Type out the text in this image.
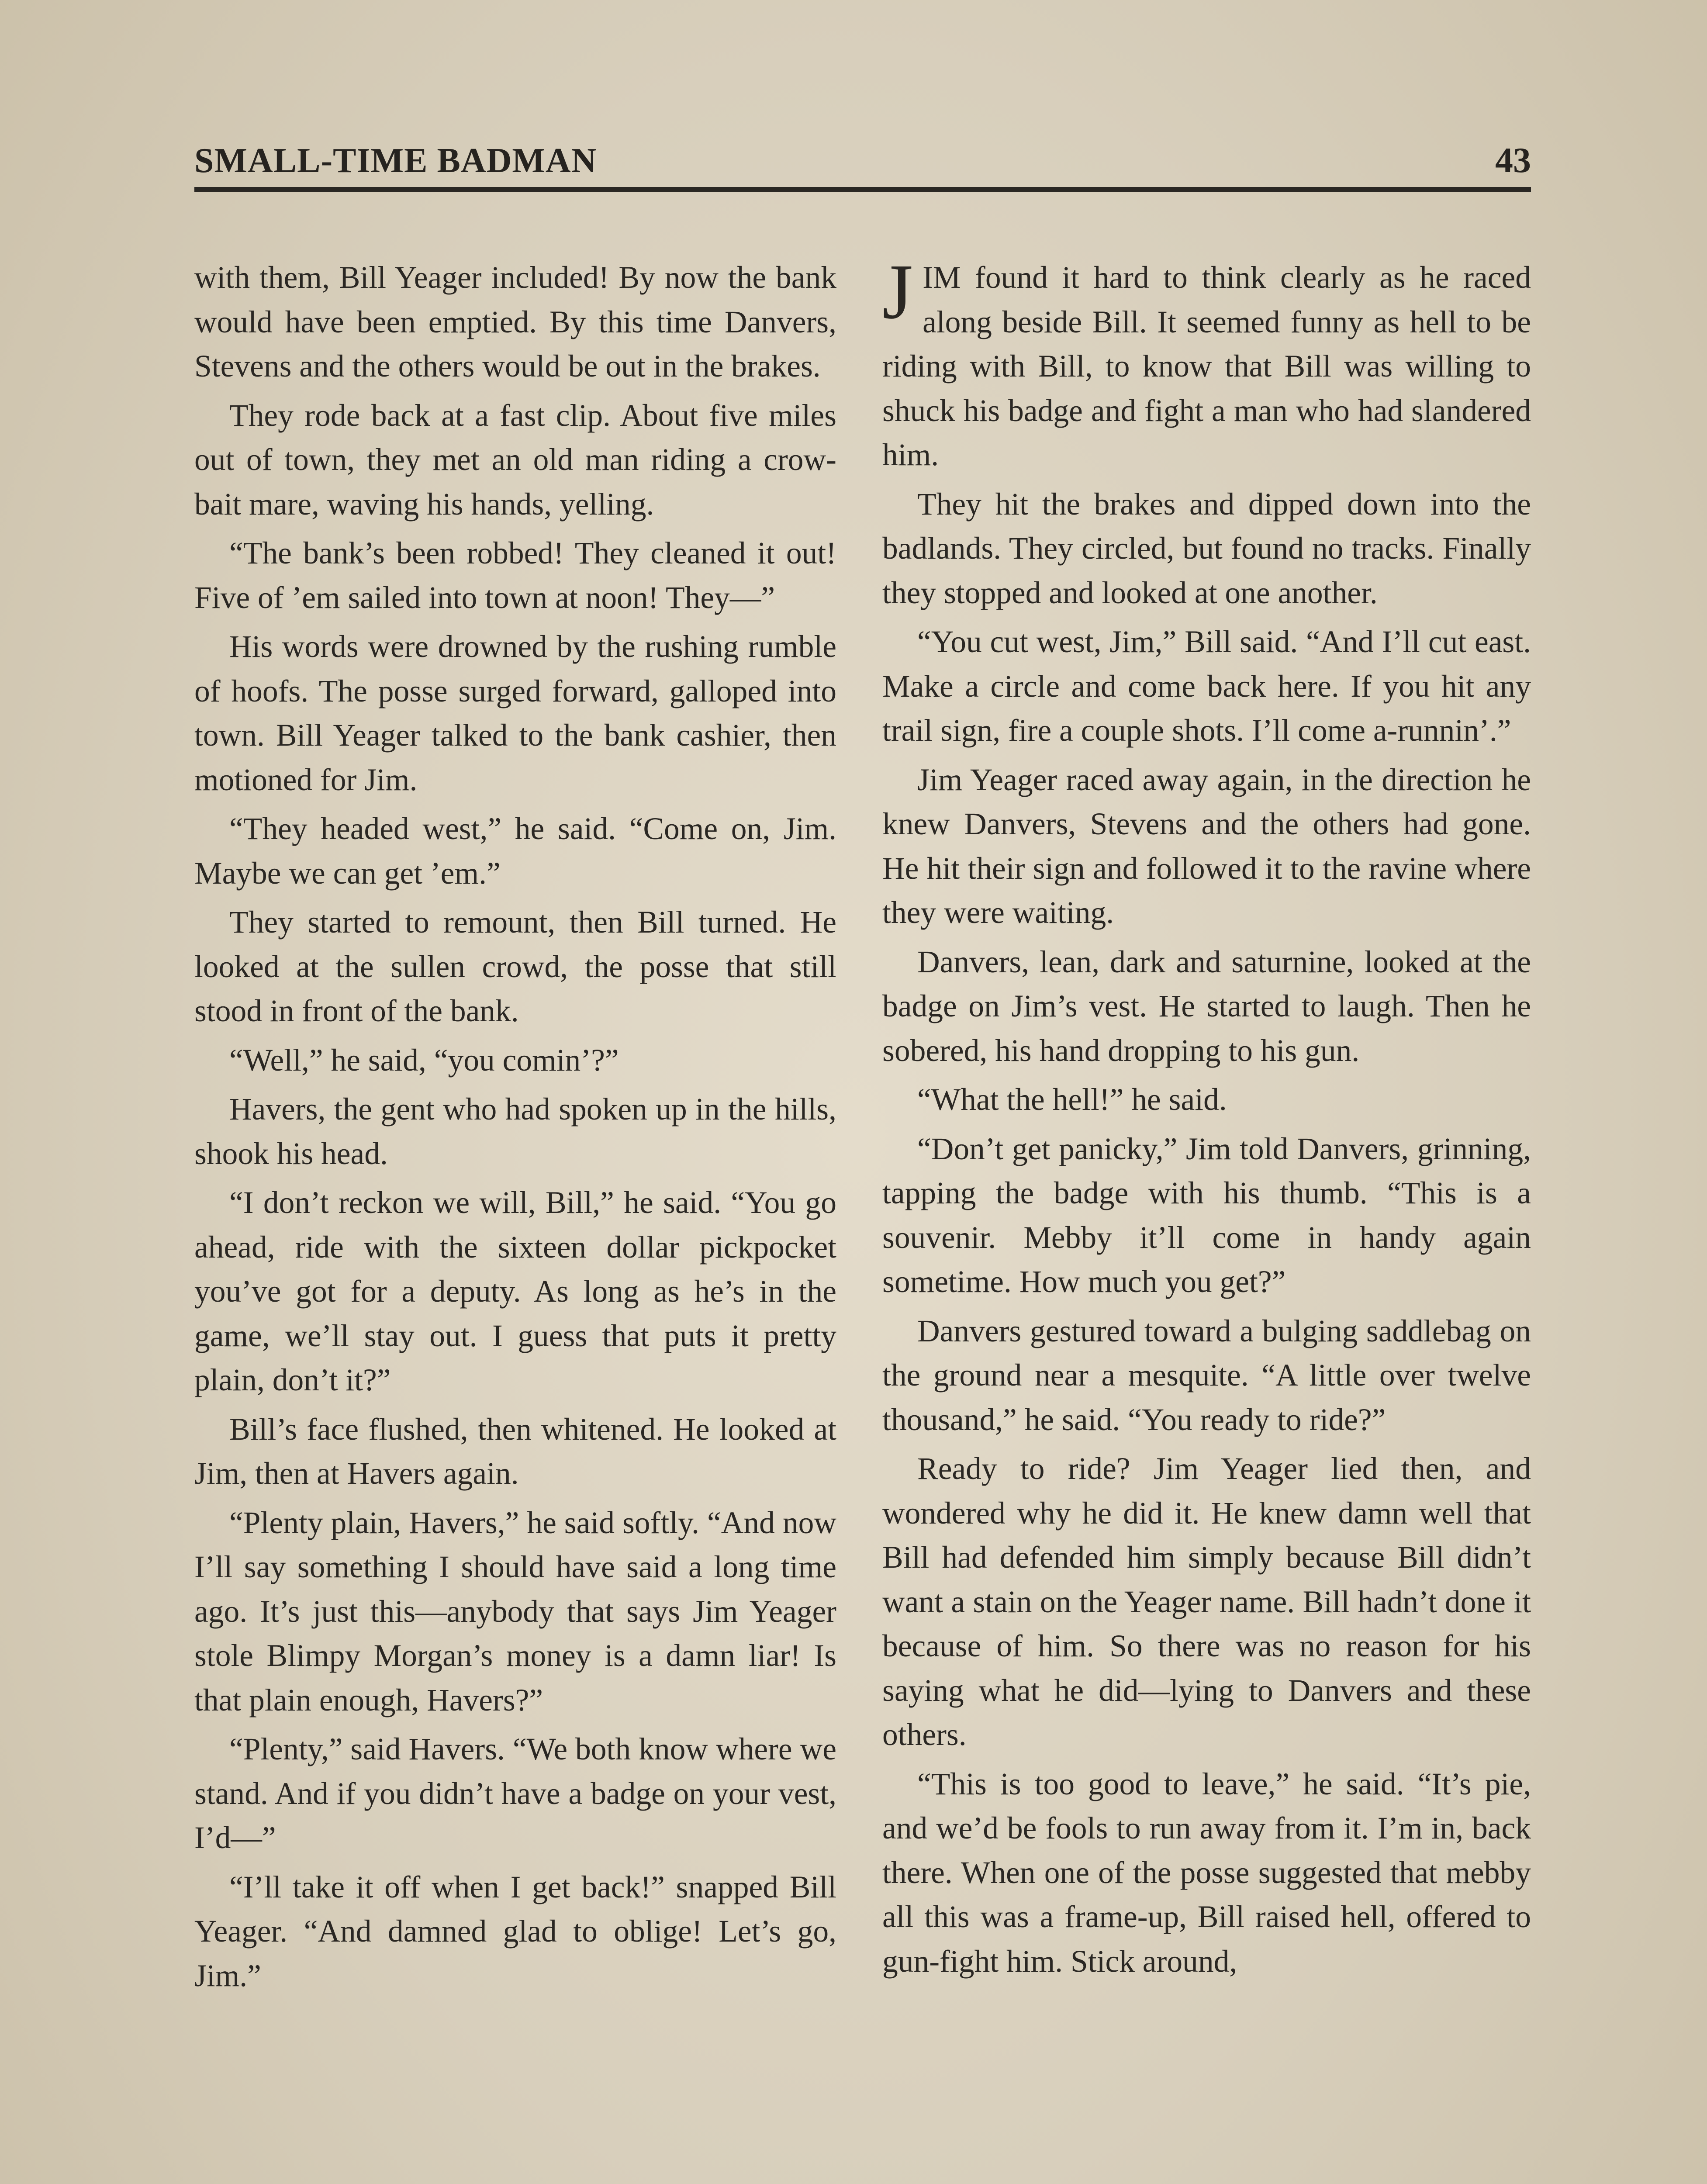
SMALL-TIME BADMAN	43

with them, Bill Yeager included! By now the bank would have been emptied. By this time Danvers, Stevens and the others would be out in the brakes.

They rode back at a fast clip. About five miles out of town, they met an old man riding a crow-bait mare, waving his hands, yelling.

“The bank’s been robbed! They cleaned it out! Five of ’em sailed into town at noon! They—”

His words were drowned by the rushing rumble of hoofs. The posse surged forward, galloped into town. Bill Yeager talked to the bank cashier, then motioned for Jim.

“They headed west,” he said. “Come on, Jim. Maybe we can get ’em.”

They started to remount, then Bill turned. He looked at the sullen crowd, the posse that still stood in front of the bank.

“Well,” he said, “you comin’?”

Havers, the gent who had spoken up in the hills, shook his head.

“I don’t reckon we will, Bill,” he said. “You go ahead, ride with the sixteen dollar pickpocket you’ve got for a deputy. As long as he’s in the game, we’ll stay out. I guess that puts it pretty plain, don’t it?”

Bill’s face flushed, then whitened. He looked at Jim, then at Havers again.

“Plenty plain, Havers,” he said softly. “And now I’ll say something I should have said a long time ago. It’s just this—anybody that says Jim Yeager stole Blimpy Morgan’s money is a damn liar! Is that plain enough, Havers?”

“Plenty,” said Havers. “We both know where we stand. And if you didn’t have a badge on your vest, I’d—”

“I’ll take it off when I get back!” snapped Bill Yeager. “And damned glad to oblige! Let’s go, Jim.”

JIM found it hard to think clearly as he raced along beside Bill. It seemed funny as hell to be riding with Bill, to know that Bill was willing to shuck his badge and fight a man who had slandered him.

They hit the brakes and dipped down into the badlands. They circled, but found no tracks. Finally they stopped and looked at one another.

“You cut west, Jim,” Bill said. “And I’ll cut east. Make a circle and come back here. If you hit any trail sign, fire a couple shots. I’ll come a-runnin’.”

Jim Yeager raced away again, in the direction he knew Danvers, Stevens and the others had gone. He hit their sign and followed it to the ravine where they were waiting.

Danvers, lean, dark and saturnine, looked at the badge on Jim’s vest. He started to laugh. Then he sobered, his hand dropping to his gun.

“What the hell!” he said.

“Don’t get panicky,” Jim told Danvers, grinning, tapping the badge with his thumb. “This is a souvenir. Mebby it’ll come in handy again sometime. How much you get?”

Danvers gestured toward a bulging saddlebag on the ground near a mesquite. “A little over twelve thousand,” he said. “You ready to ride?”

Ready to ride? Jim Yeager lied then, and wondered why he did it. He knew damn well that Bill had defended him simply because Bill didn’t want a stain on the Yeager name. Bill hadn’t done it because of him. So there was no reason for his saying what he did—lying to Danvers and these others.

“This is too good to leave,” he said. “It’s pie, and we’d be fools to run away from it. I’m in, back there. When one of the posse suggested that mebby all this was a frame-up, Bill raised hell, offered to gun-fight him. Stick around,
